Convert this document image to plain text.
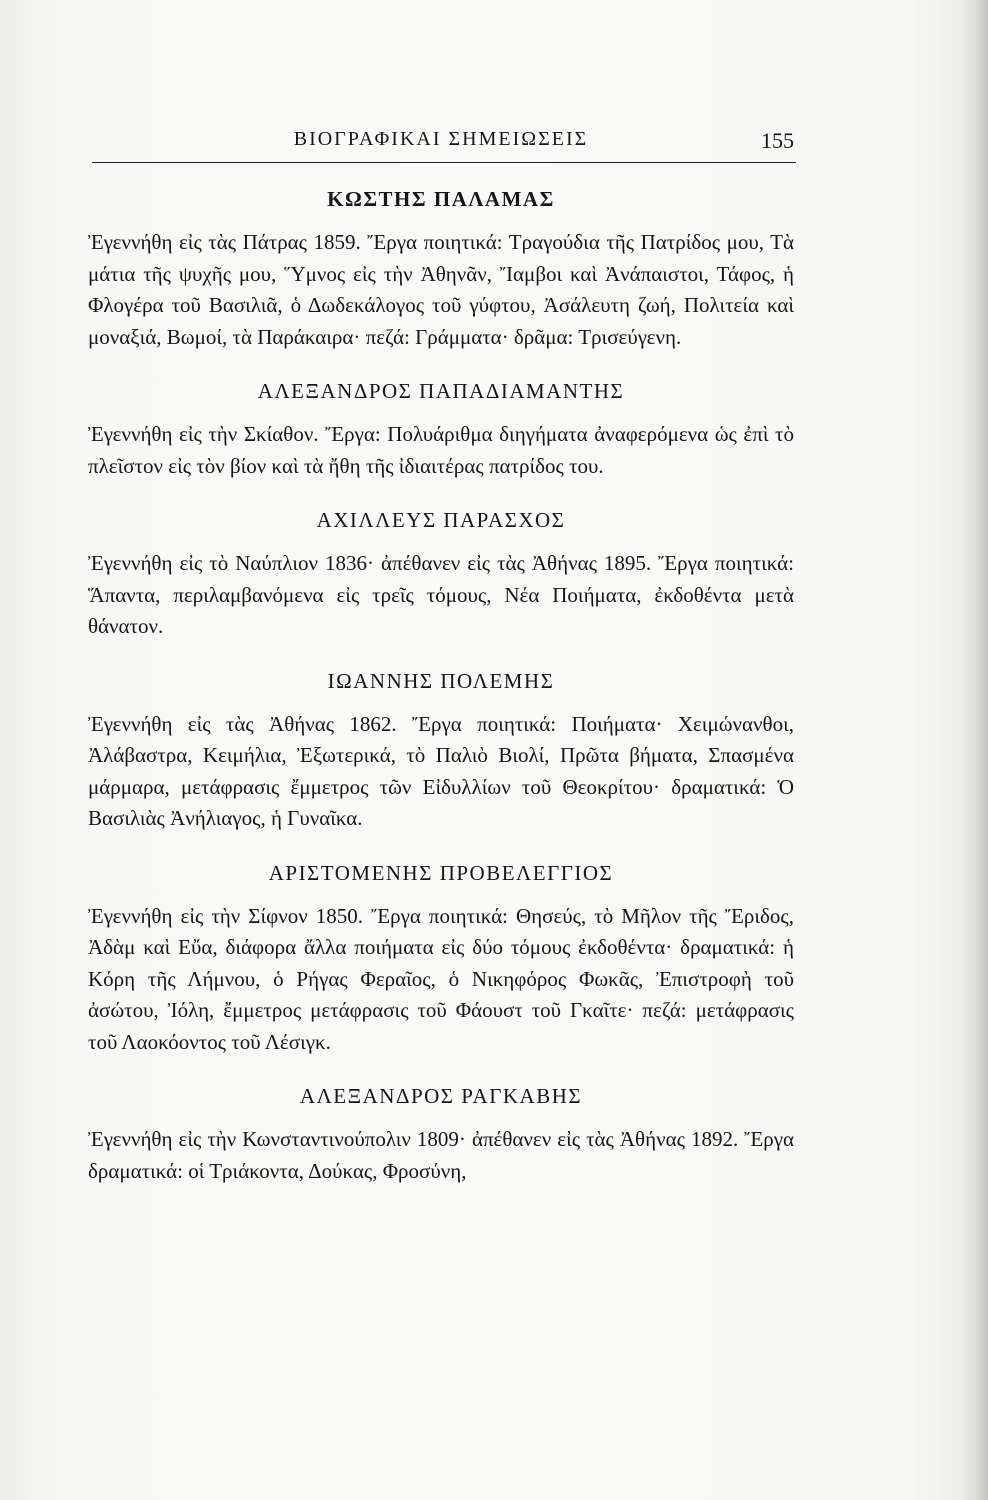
ΒΙΟΓΡΑΦΙΚΑΙ ΣΗΜΕΙΩΣΕΙΣ	155
ΚΩΣΤΗΣ ΠΑΛΑΜΑΣ

Ἐγεννήθη εἰς τὰς Πάτρας 1859. Ἔργα ποιητικά: Τραγούδια τῆς Πατρίδος μου, Τὰ μάτια τῆς ψυχῆς μου, Ὕμνος εἰς τὴν Ἀθηνᾶν, Ἴαμβοι καὶ Ἀνάπαιστοι, Τάφος, ἡ Φλογέρα τοῦ Βασιλιᾶ, ὁ Δωδεκάλογος τοῦ γύφτου, Ἀσάλευτη ζωή, Πολιτεία καὶ μοναξιά, Βωμοί, τὰ Παράκαιρα· πεζά: Γράμματα· δρᾶμα: Τρισεύγενη.

ΑΛΕΞΑΝΔΡΟΣ ΠΑΠΑΔΙΑΜΑΝΤΗΣ

Ἐγεννήθη εἰς τὴν Σκίαθον. Ἔργα: Πολυάριθμα διηγήματα ἀναφερόμενα ὡς ἐπὶ τὸ πλεῖστον εἰς τὸν βίον καὶ τὰ ἤθη τῆς ἰδιαιτέρας πατρίδος του.

ΑΧΙΛΛΕΥΣ ΠΑΡΑΣΧΟΣ

Ἐγεννήθη εἰς τὸ Ναύπλιον 1836· ἀπέθανεν εἰς τὰς Ἀθήνας 1895. Ἔργα ποιητικά: Ἅπαντα, περιλαμβανόμενα εἰς τρεῖς τόμους, Νέα Ποιήματα, ἐκδοθέντα μετὰ θάνατον.

ΙΩΑΝΝΗΣ ΠΟΛΕΜΗΣ

Ἐγεννήθη εἰς τὰς Ἀθήνας 1862. Ἔργα ποιητικά: Ποιήματα· Χειμώνανθοι, Ἀλάβαστρα, Κειμήλια, Ἐξωτερικά, τὸ Παλιὸ Βιολί, Πρῶτα βήματα, Σπασμένα μάρμαρα, μετάφρασις ἔμμετρος τῶν Εἰδυλλίων τοῦ Θεοκρίτου· δραματικά: Ὁ Βασιλιὰς Ἀνήλιαγος, ἡ Γυναῖκα.

ΑΡΙΣΤΟΜΕΝΗΣ ΠΡΟΒΕΛΕΓΓΙΟΣ

Ἐγεννήθη εἰς τὴν Σίφνον 1850. Ἔργα ποιητικά: Θησεύς, τὸ Μῆλον τῆς Ἔριδος, Ἀδὰμ καὶ Εὔα, διάφορα ἄλλα ποιήματα εἰς δύο τόμους ἐκδοθέντα· δραματικά: ἡ Κόρη τῆς Λήμνου, ὁ Ρήγας Φεραῖος, ὁ Νικηφόρος Φωκᾶς, Ἐπιστροφὴ τοῦ ἀσώτου, Ἰόλη, ἔμμετρος μετάφρασις τοῦ Φάουστ τοῦ Γκαῖτε· πεζά: μετάφρασις τοῦ Λαοκόοντος τοῦ Λέσιγκ.

ΑΛΕΞΑΝΔΡΟΣ ΡΑΓΚΑΒΗΣ

Ἐγεννήθη εἰς τὴν Κωνσταντινούπολιν 1809· ἀπέθανεν εἰς τὰς Ἀθήνας 1892. Ἔργα δραματικά: οἱ Τριάκοντα, Δούκας, Φροσύνη,
